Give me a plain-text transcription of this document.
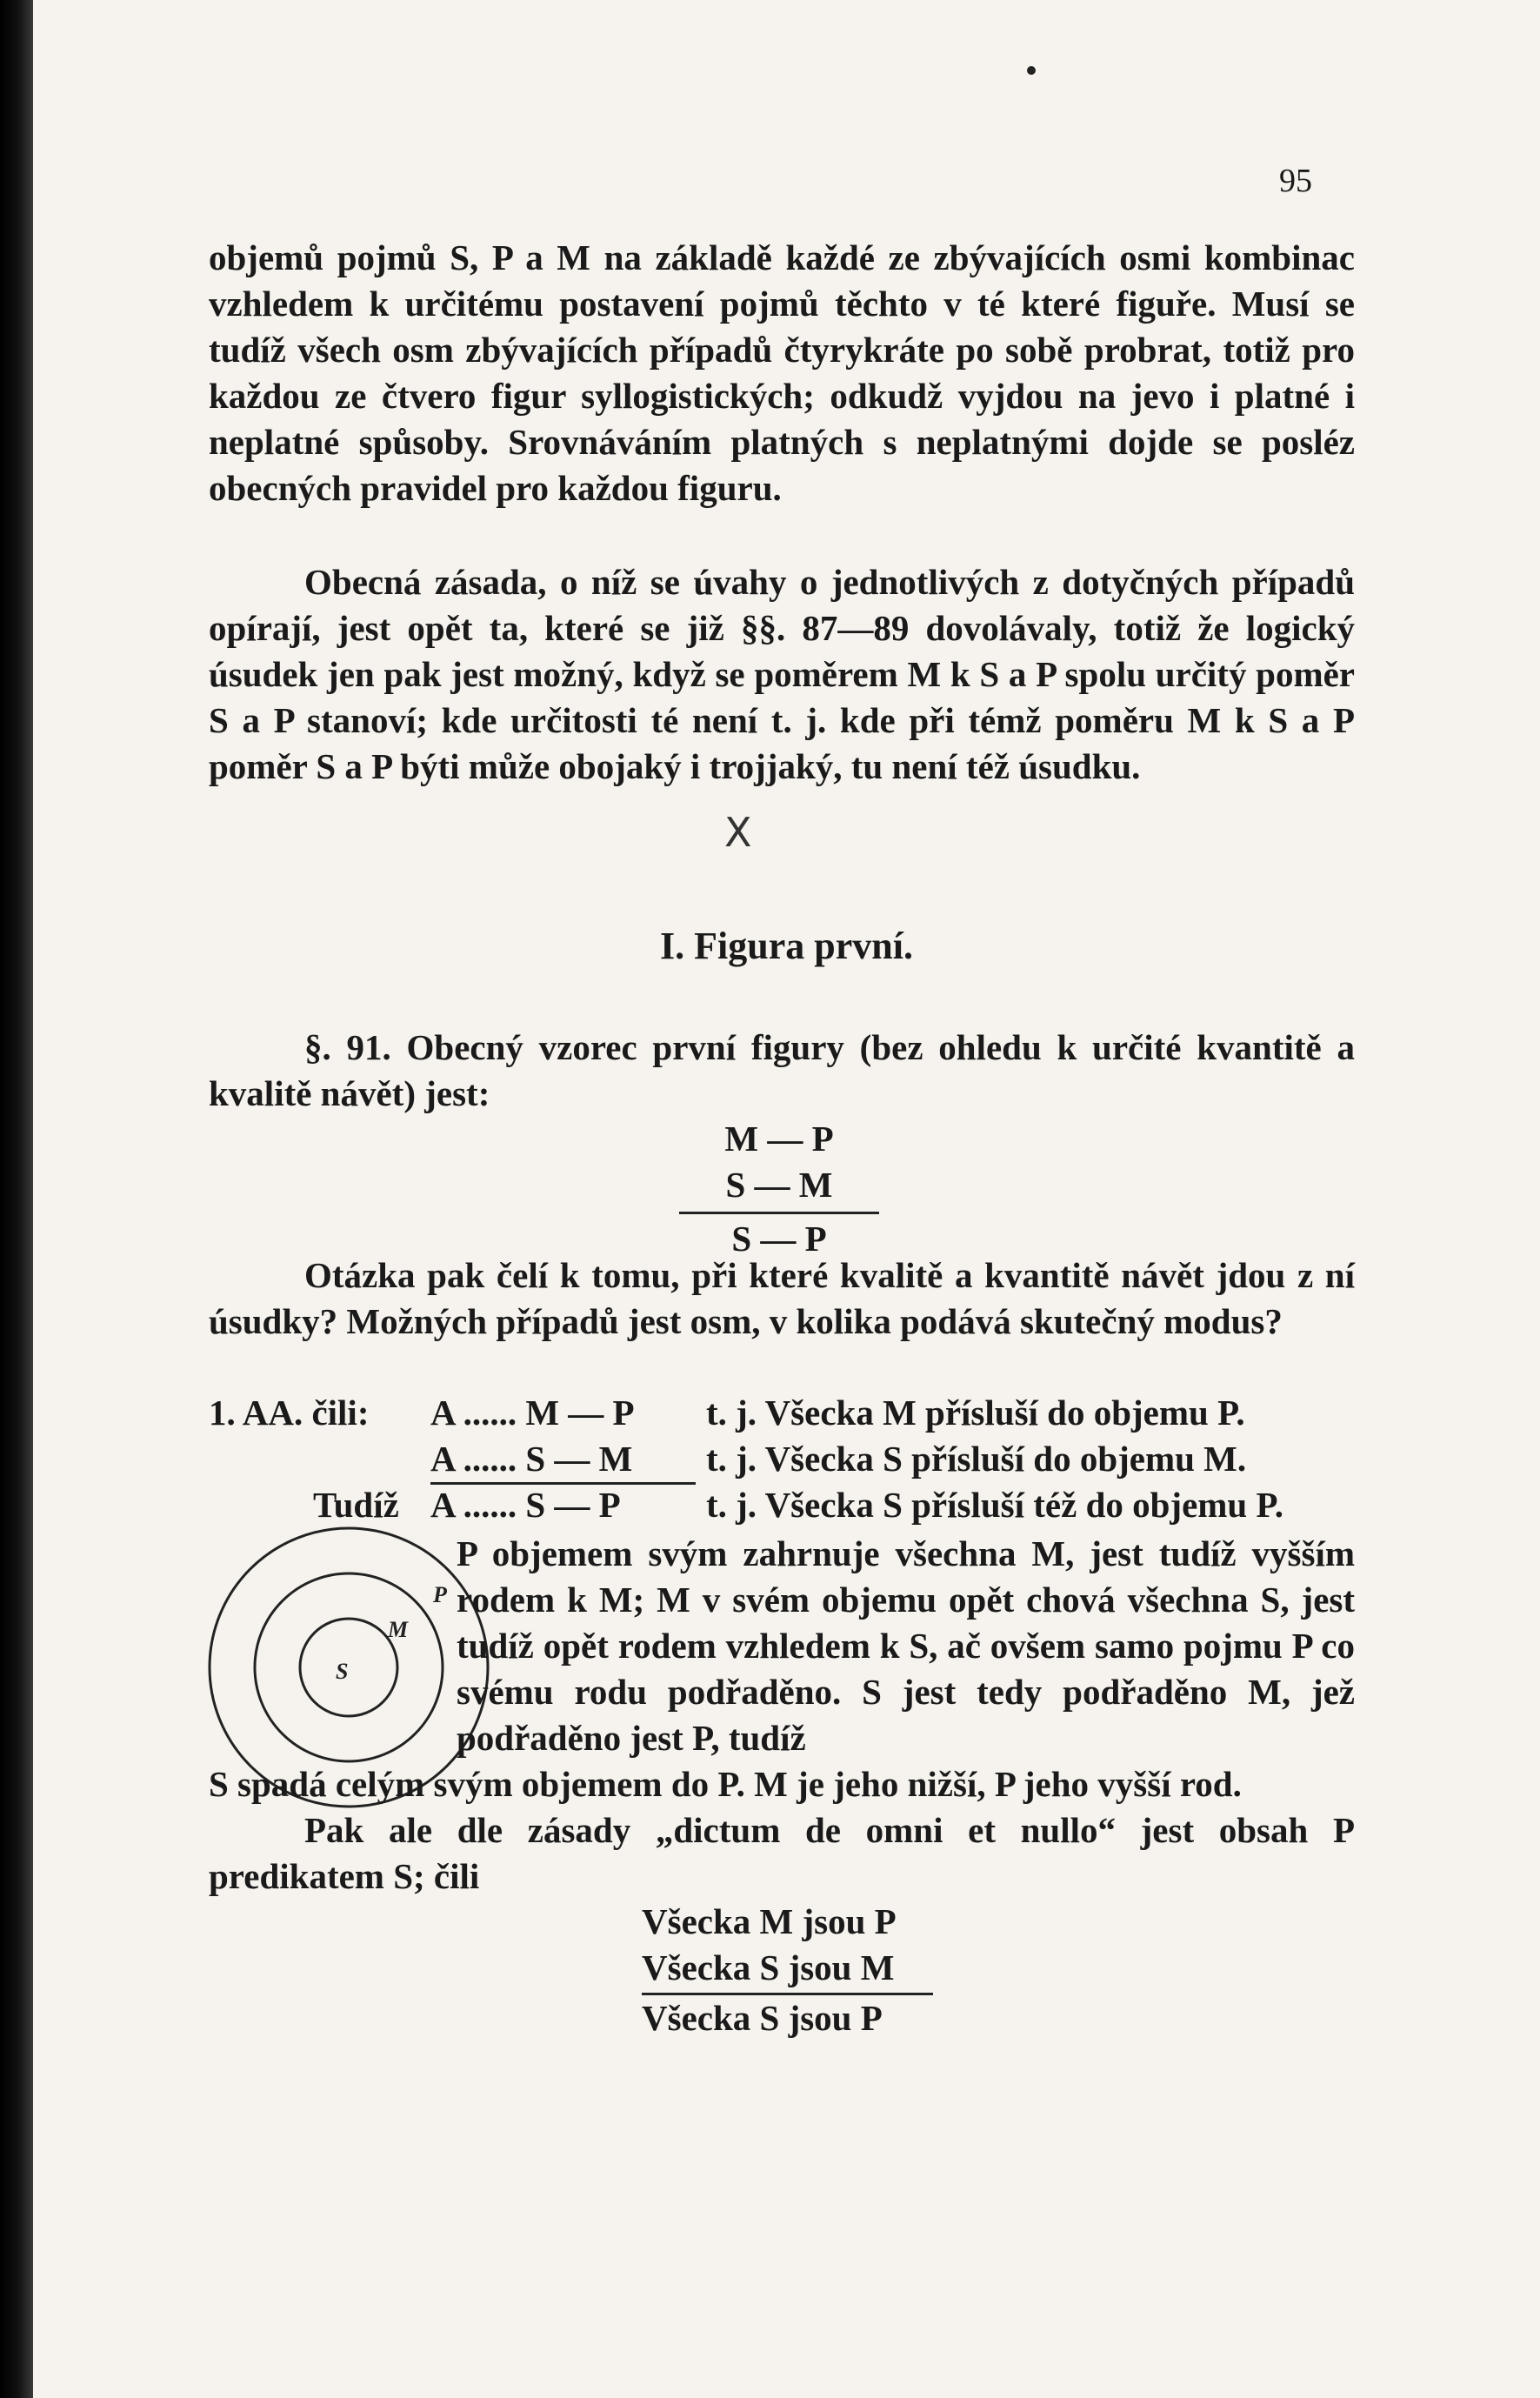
95

objemů pojmů S, P a M na základě každé ze zbývajících osmi kombinac vzhledem k určitému postavení pojmů těchto v té které figuře. Musí se tudíž všech osm zbývajících případů čtyrykráte po sobě probrat, totiž pro každou ze čtvero figur syllogistických; odkudž vyjdou na jevo i platné i neplatné spůsoby. Srovnáváním platných s neplatnými dojde se posléz obecných pravidel pro každou figuru.

Obecná zásada, o níž se úvahy o jednotlivých z dotyčných případů opírají, jest opět ta, které se již §§. 87—89 dovolávaly, totiž že logický úsudek jen pak jest možný, když se poměrem M k S a P spolu určitý poměr S a P stanoví; kde určitosti té není t. j. kde při témž poměru M k S a P poměr S a P býti může obojaký i trojjaký, tu není též úsudku.

X
I. Figura první.

§. 91. Obecný vzorec první figury (bez ohledu k určité kvantitě a kvalitě návět) jest:

M — P
S — M
S — P

Otázka pak čelí k tomu, při které kvalitě a kvantitě návět jdou z ní úsudky? Možných případů jest osm, v kolika podává skutečný modus?

1. AA. čili: A ...... M — P t. j. Všecka M přísluší do objemu P.
A ...... S — M t. j. Všecka S přísluší do objemu M.
Tudíž A ...... S — P t. j. Všecka S přísluší též do objemu P.
P
M
S

P objemem svým zahrnuje všechna M, jest tudíž vyšším rodem k M; M v svém objemu opět chová všechna S, jest tudíž opět rodem vzhledem k S, ač ovšem samo pojmu P co svému rodu podřaděno. S jest tedy podřaděno M, jež podřaděno jest P, tudíž

S spadá celým svým objemem do P. M je jeho nižší, P jeho vyšší rod.
Pak ale dle zásady „dictum de omni et nullo“ jest obsah P predikatem S; čili

Všecka M jsou P
Všecka S jsou M
Všecka S jsou P
